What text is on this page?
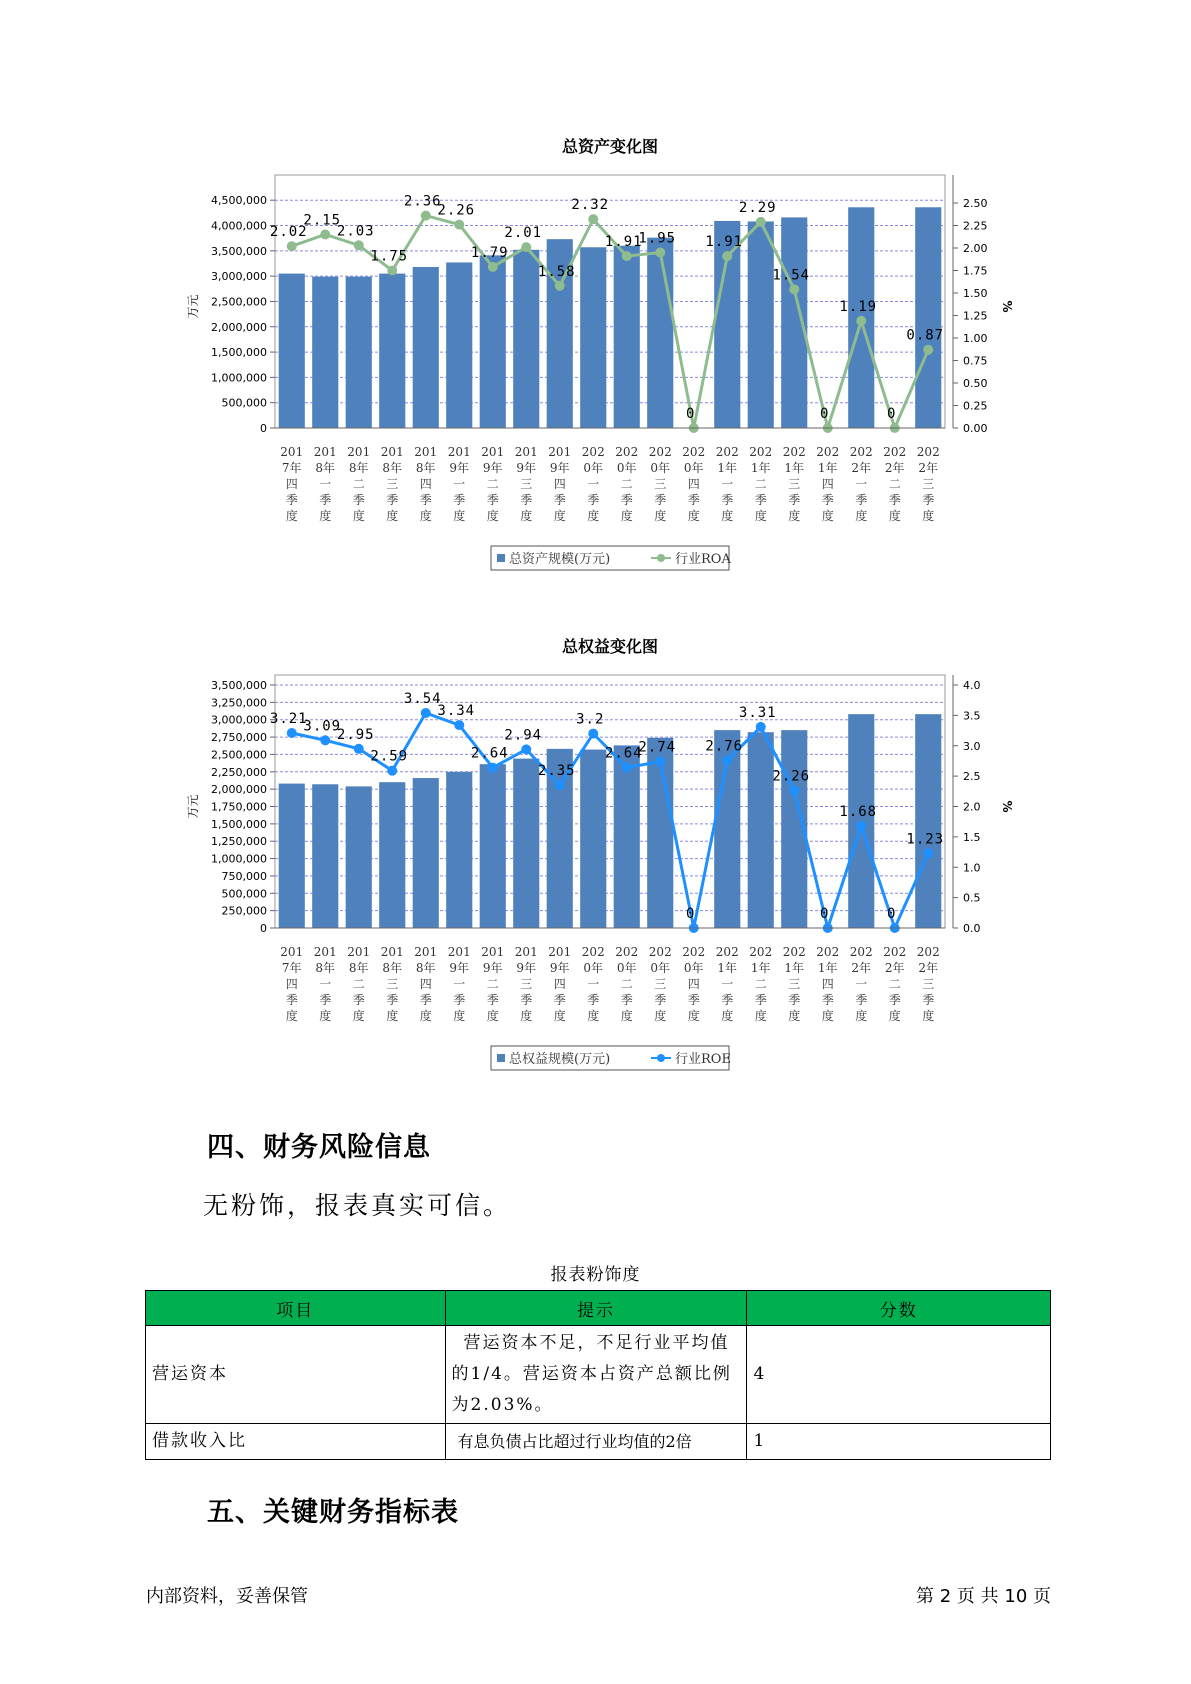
总资产变化图
0
500,000
1,000,000
1,500,000
2,000,000
2,500,000
3,000,000
3,500,000
4,000,000
4,500,000
0.00
0.25
0.50
0.75
1.00
1.25
1.50
1.75
2.00
2.25
2.50
万元	%
2.02
2.15
2.03
1.75
2.36
2.26
1.79
2.01
1.58
2.32
1.91
1.95
0
1.91
2.29
1.54
0
1.19
0
0.87
201
7年
四
季
度
201
8年
一
季
度
201
8年
二
季
度
201
8年
三
季
度
201
8年
四
季
度
201
9年
一
季
度
201
9年
二
季
度
201
9年
三
季
度
201
9年
四
季
度
202
0年
一
季
度
202
0年
二
季
度
202
0年
三
季
度
202
0年
四
季
度
202
1年
一
季
度
202
1年
二
季
度
202
1年
三
季
度
202
1年
四
季
度
202
2年
一
季
度
202
2年
二
季
度
202
2年
三
季
度
总资产规模(万元)	行业ROA
总权益变化图
0
250,000
500,000
750,000
1,000,000
1,250,000
1,500,000
1,750,000
2,000,000
2,250,000
2,500,000
2,750,000
3,000,000
3,250,000
3,500,000
0.0
0.5
1.0
1.5
2.0
2.5
3.0
3.5
4.0
万元	%
3.21
3.09
2.95
2.59
3.54
3.34
2.64
2.94
2.35
3.2
2.64
2.74
0
2.76
3.31
2.26
0
1.68
0
1.23
201
7年
四
季
度
201
8年
一
季
度
201
8年
二
季
度
201
8年
三
季
度
201
8年
四
季
度
201
9年
一
季
度
201
9年
二
季
度
201
9年
三
季
度
201
9年
四
季
度
202
0年
一
季
度
202
0年
二
季
度
202
0年
三
季
度
202
0年
四
季
度
202
1年
一
季
度
202
1年
二
季
度
202
1年
三
季
度
202
1年
四
季
度
202
2年
一
季
度
202
2年
二
季
度
202
2年
三
季
度
总权益规模(万元)	行业ROE
四、财务风险信息
无粉饰，报表真实可信。
报表粉饰度
项目	提示	分数
营运资本	营运资本不足，不足行业平均值的1/4。营运资本占资产总额比例为2.03%。	4
借款收入比	有息负债占比超过行业均值的2倍	1
五、关键财务指标表
内部资料，妥善保管	第 2 页 共 10 页
